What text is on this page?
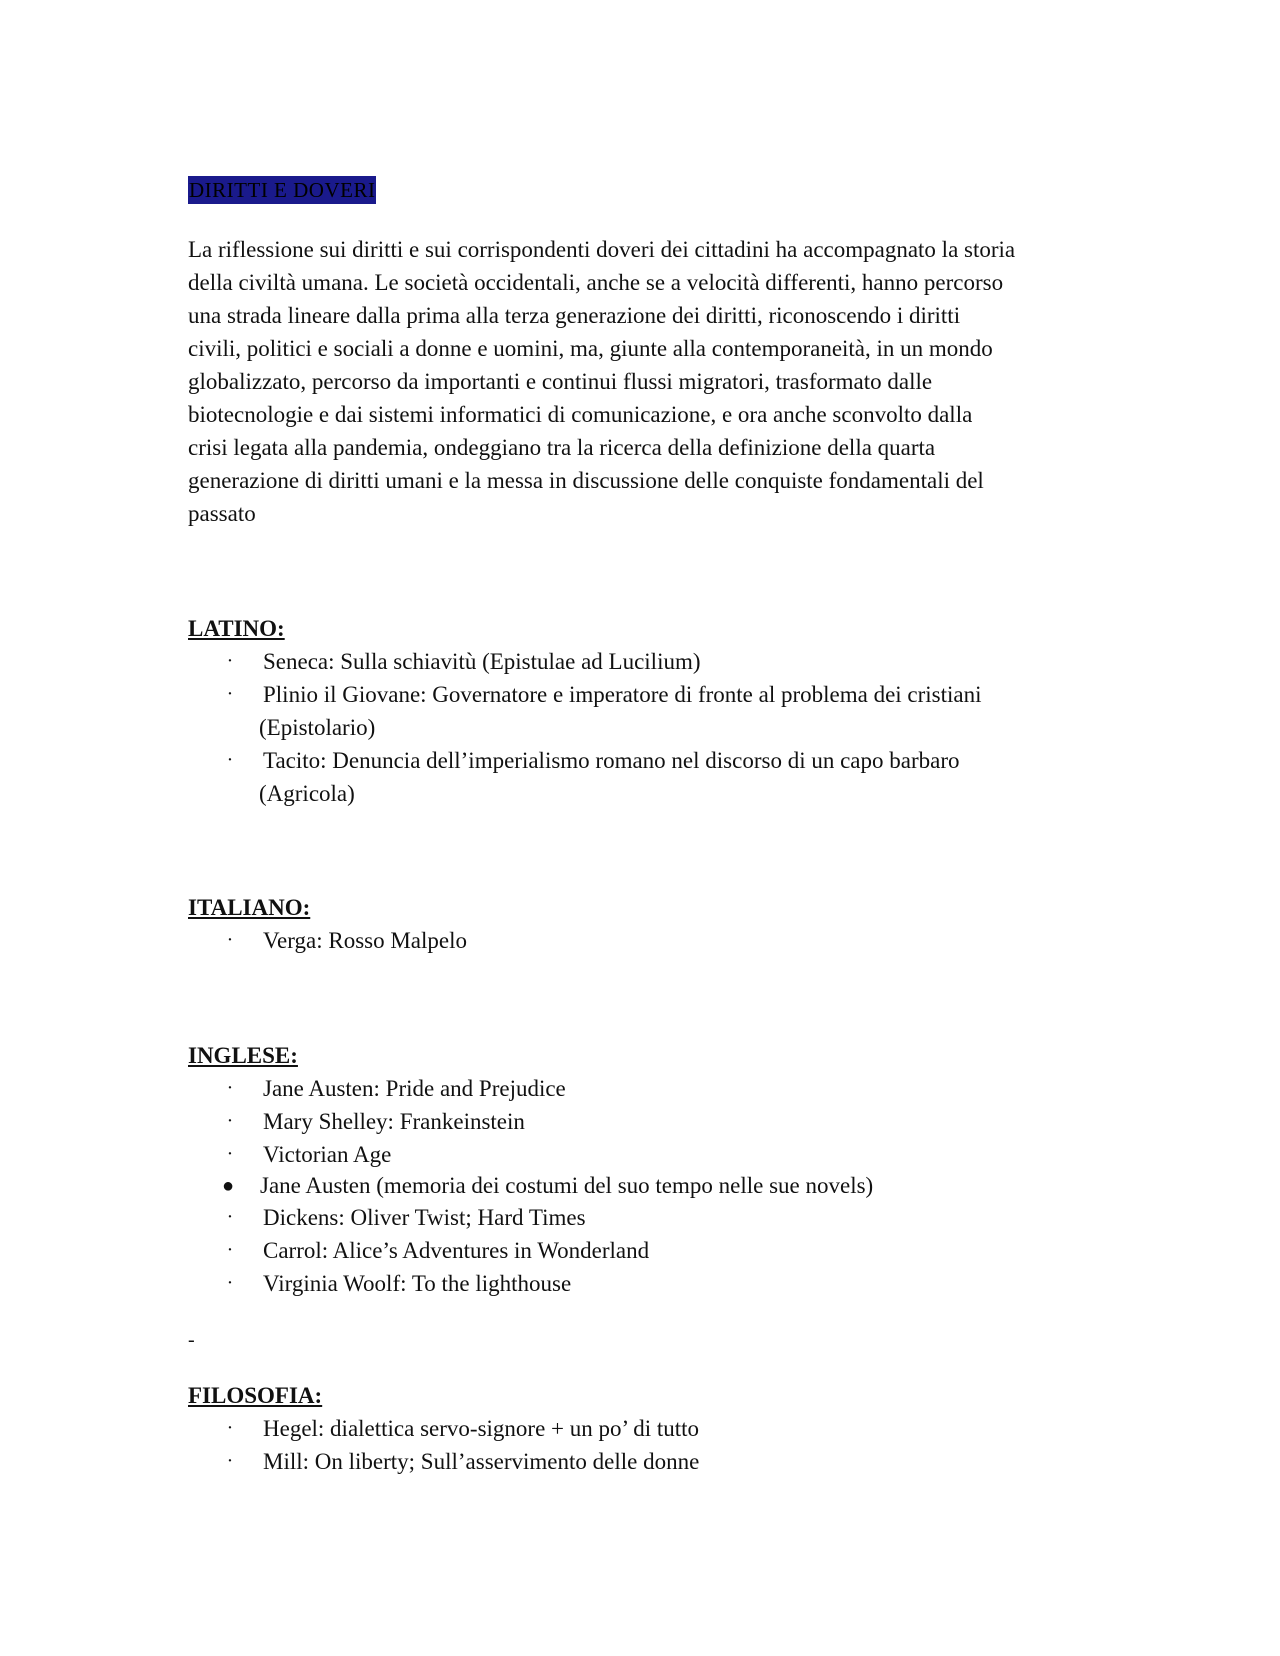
DIRITTI E DOVERI

La riflessione sui diritti e sui corrispondenti doveri dei cittadini ha accompagnato la storia
della civiltà umana. Le società occidentali, anche se a velocità differenti, hanno percorso
una strada lineare dalla prima alla terza generazione dei diritti, riconoscendo i diritti
civili, politici e sociali a donne e uomini, ma, giunte alla contemporaneità, in un mondo
globalizzato, percorso da importanti e continui flussi migratori, trasformato dalle
biotecnologie e dai sistemi informatici di comunicazione, e ora anche sconvolto dalla
crisi legata alla pandemia, ondeggiano tra la ricerca della definizione della quarta
generazione di diritti umani e la messa in discussione delle conquiste fondamentali del
passato

LATINO:
· Seneca: Sulla schiavitù (Epistulae ad Lucilium)
· Plinio il Giovane: Governatore e imperatore di fronte al problema dei cristiani
(Epistolario)
· Tacito: Denuncia dell’imperialismo romano nel discorso di un capo barbaro
(Agricola)
ITALIANO:
· Verga: Rosso Malpelo
INGLESE:
· Jane Austen: Pride and Prejudice
· Mary Shelley: Frankeinstein
· Victorian Age
● Jane Austen (memoria dei costumi del suo tempo nelle sue novels)
· Dickens: Oliver Twist; Hard Times
· Carrol: Alice’s Adventures in Wonderland
· Virginia Woolf: To the lighthouse
-
FILOSOFIA:
· Hegel: dialettica servo-signore + un po’ di tutto
· Mill: On liberty; Sull’asservimento delle donne
